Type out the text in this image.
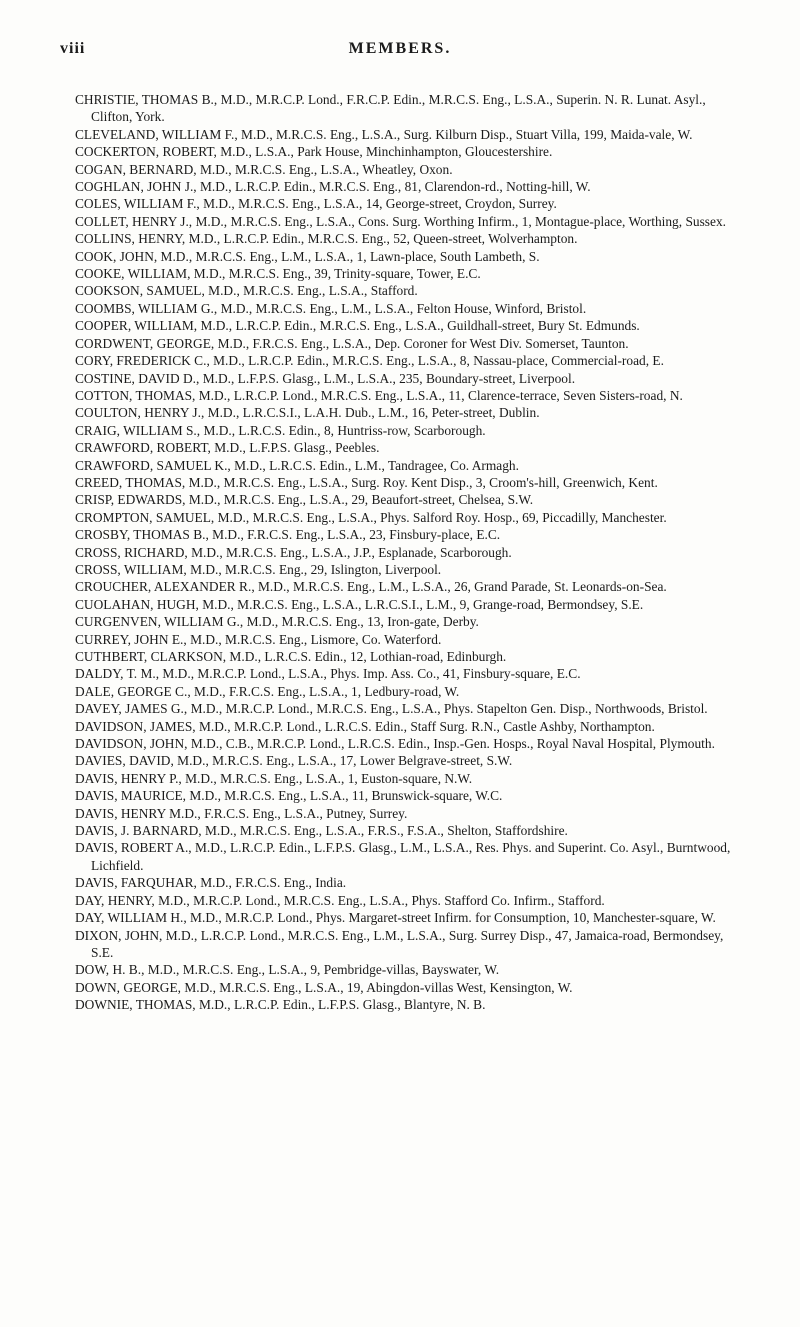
viii	MEMBERS.

CHRISTIE, THOMAS B., M.D., M.R.C.P. Lond., F.R.C.P. Edin., M.R.C.S. Eng., L.S.A., Superin. N. R. Lunat. Asyl., Clifton, York.

CLEVELAND, WILLIAM F., M.D., M.R.C.S. Eng., L.S.A., Surg. Kilburn Disp., Stuart Villa, 199, Maida-vale, W.

COCKERTON, ROBERT, M.D., L.S.A., Park House, Minchinhampton, Gloucestershire.

COGAN, BERNARD, M.D., M.R.C.S. Eng., L.S.A., Wheatley, Oxon.

COGHLAN, JOHN J., M.D., L.R.C.P. Edin., M.R.C.S. Eng., 81, Clarendon-rd., Notting-hill, W.

COLES, WILLIAM F., M.D., M.R.C.S. Eng., L.S.A., 14, George-street, Croydon, Surrey.

COLLET, HENRY J., M.D., M.R.C.S. Eng., L.S.A., Cons. Surg. Worthing Infirm., 1, Montague-place, Worthing, Sussex.

COLLINS, HENRY, M.D., L.R.C.P. Edin., M.R.C.S. Eng., 52, Queen-street, Wolverhampton.

COOK, JOHN, M.D., M.R.C.S. Eng., L.M., L.S.A., 1, Lawn-place, South Lambeth, S.

COOKE, WILLIAM, M.D., M.R.C.S. Eng., 39, Trinity-square, Tower, E.C.

COOKSON, SAMUEL, M.D., M.R.C.S. Eng., L.S.A., Stafford.

COOMBS, WILLIAM G., M.D., M.R.C.S. Eng., L.M., L.S.A., Felton House, Winford, Bristol.

COOPER, WILLIAM, M.D., L.R.C.P. Edin., M.R.C.S. Eng., L.S.A., Guildhall-street, Bury St. Edmunds.

CORDWENT, GEORGE, M.D., F.R.C.S. Eng., L.S.A., Dep. Coroner for West Div. Somerset, Taunton.

CORY, FREDERICK C., M.D., L.R.C.P. Edin., M.R.C.S. Eng., L.S.A., 8, Nassau-place, Commercial-road, E.

COSTINE, DAVID D., M.D., L.F.P.S. Glasg., L.M., L.S.A., 235, Boundary-street, Liverpool.

COTTON, THOMAS, M.D., L.R.C.P. Lond., M.R.C.S. Eng., L.S.A., 11, Clarence-terrace, Seven Sisters-road, N.

COULTON, HENRY J., M.D., L.R.C.S.I., L.A.H. Dub., L.M., 16, Peter-street, Dublin.

CRAIG, WILLIAM S., M.D., L.R.C.S. Edin., 8, Huntriss-row, Scarborough.

CRAWFORD, ROBERT, M.D., L.F.P.S. Glasg., Peebles.

CRAWFORD, SAMUEL K., M.D., L.R.C.S. Edin., L.M., Tandragee, Co. Armagh.

CREED, THOMAS, M.D., M.R.C.S. Eng., L.S.A., Surg. Roy. Kent Disp., 3, Croom's-hill, Greenwich, Kent.

CRISP, EDWARDS, M.D., M.R.C.S. Eng., L.S.A., 29, Beaufort-street, Chelsea, S.W.

CROMPTON, SAMUEL, M.D., M.R.C.S. Eng., L.S.A., Phys. Salford Roy. Hosp., 69, Piccadilly, Manchester.

CROSBY, THOMAS B., M.D., F.R.C.S. Eng., L.S.A., 23, Finsbury-place, E.C.

CROSS, RICHARD, M.D., M.R.C.S. Eng., L.S.A., J.P., Esplanade, Scarborough.

CROSS, WILLIAM, M.D., M.R.C.S. Eng., 29, Islington, Liverpool.

CROUCHER, ALEXANDER R., M.D., M.R.C.S. Eng., L.M., L.S.A., 26, Grand Parade, St. Leonards-on-Sea.

CUOLAHAN, HUGH, M.D., M.R.C.S. Eng., L.S.A., L.R.C.S.I., L.M., 9, Grange-road, Bermondsey, S.E.

CURGENVEN, WILLIAM G., M.D., M.R.C.S. Eng., 13, Iron-gate, Derby.

CURREY, JOHN E., M.D., M.R.C.S. Eng., Lismore, Co. Waterford.

CUTHBERT, CLARKSON, M.D., L.R.C.S. Edin., 12, Lothian-road, Edinburgh.

DALDY, T. M., M.D., M.R.C.P. Lond., L.S.A., Phys. Imp. Ass. Co., 41, Finsbury-square, E.C.

DALE, GEORGE C., M.D., F.R.C.S. Eng., L.S.A., 1, Ledbury-road, W.

DAVEY, JAMES G., M.D., M.R.C.P. Lond., M.R.C.S. Eng., L.S.A., Phys. Stapelton Gen. Disp., Northwoods, Bristol.

DAVIDSON, JAMES, M.D., M.R.C.P. Lond., L.R.C.S. Edin., Staff Surg. R.N., Castle Ashby, Northampton.

DAVIDSON, JOHN, M.D., C.B., M.R.C.P. Lond., L.R.C.S. Edin., Insp.-Gen. Hosps., Royal Naval Hospital, Plymouth.

DAVIES, DAVID, M.D., M.R.C.S. Eng., L.S.A., 17, Lower Belgrave-street, S.W.

DAVIS, HENRY P., M.D., M.R.C.S. Eng., L.S.A., 1, Euston-square, N.W.

DAVIS, MAURICE, M.D., M.R.C.S. Eng., L.S.A., 11, Brunswick-square, W.C.

DAVIS, HENRY M.D., F.R.C.S. Eng., L.S.A., Putney, Surrey.

DAVIS, J. BARNARD, M.D., M.R.C.S. Eng., L.S.A., F.R.S., F.S.A., Shelton, Staffordshire.

DAVIS, ROBERT A., M.D., L.R.C.P. Edin., L.F.P.S. Glasg., L.M., L.S.A., Res. Phys. and Superint. Co. Asyl., Burntwood, Lichfield.

DAVIS, FARQUHAR, M.D., F.R.C.S. Eng., India.

DAY, HENRY, M.D., M.R.C.P. Lond., M.R.C.S. Eng., L.S.A., Phys. Stafford Co. Infirm., Stafford.

DAY, WILLIAM H., M.D., M.R.C.P. Lond., Phys. Margaret-street Infirm. for Consumption, 10, Manchester-square, W.

DIXON, JOHN, M.D., L.R.C.P. Lond., M.R.C.S. Eng., L.M., L.S.A., Surg. Surrey Disp., 47, Jamaica-road, Bermondsey, S.E.

DOW, H. B., M.D., M.R.C.S. Eng., L.S.A., 9, Pembridge-villas, Bayswater, W.

DOWN, GEORGE, M.D., M.R.C.S. Eng., L.S.A., 19, Abingdon-villas West, Kensington, W.

DOWNIE, THOMAS, M.D., L.R.C.P. Edin., L.F.P.S. Glasg., Blantyre, N. B.
